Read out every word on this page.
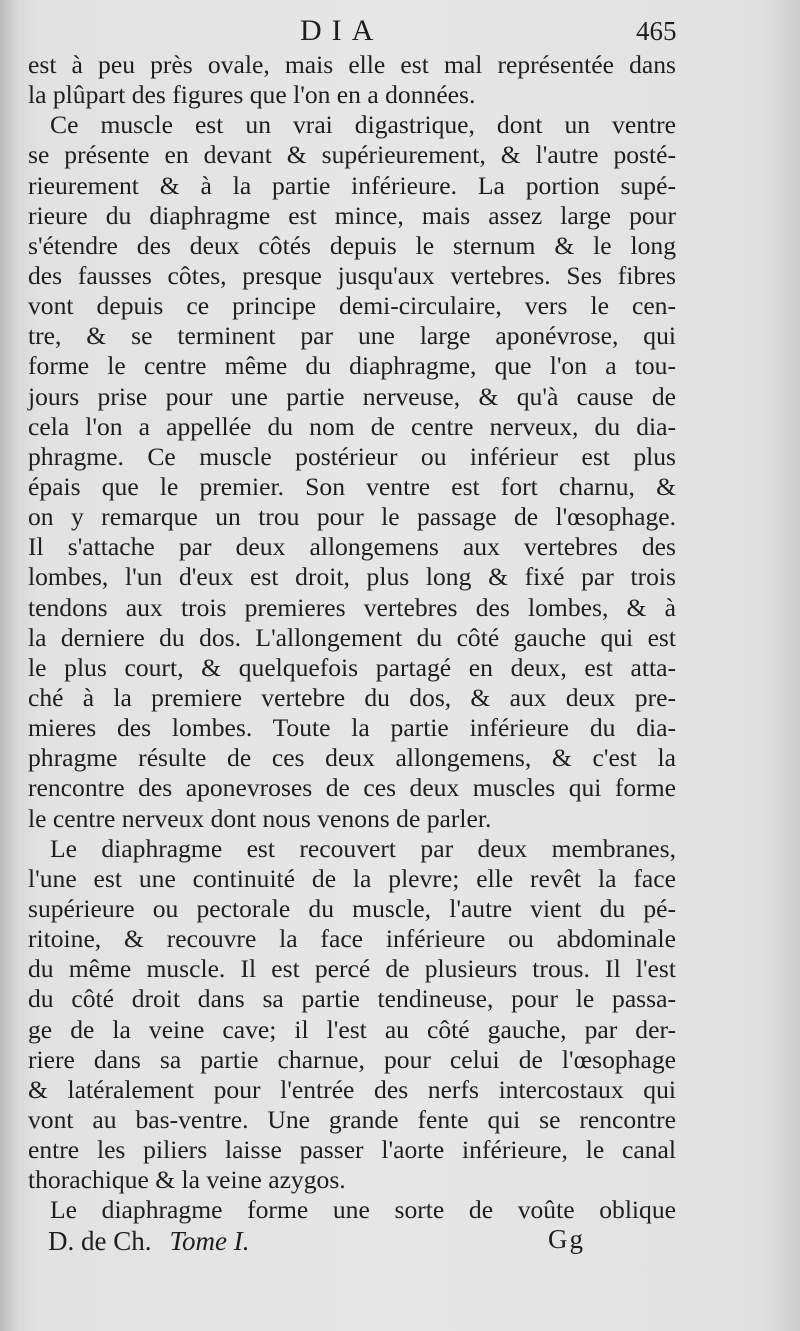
DIA	465
est à peu près ovale, mais elle est mal représentée dans
la plûpart des figures que l'on en a données.
Ce muscle est un vrai digastrique, dont un ventre
se présente en devant & supérieurement, & l'autre posté-
rieurement & à la partie inférieure. La portion supé-
rieure du diaphragme est mince, mais assez large pour
s'étendre des deux côtés depuis le sternum & le long
des fausses côtes, presque jusqu'aux vertebres. Ses fibres
vont depuis ce principe demi-circulaire, vers le cen-
tre, & se terminent par une large aponévrose, qui
forme le centre même du diaphragme, que l'on a tou-
jours prise pour une partie nerveuse, & qu'à cause de
cela l'on a appellée du nom de centre nerveux, du dia-
phragme. Ce muscle postérieur ou inférieur est plus
épais que le premier. Son ventre est fort charnu, &
on y remarque un trou pour le passage de l'œsophage.
Il s'attache par deux allongemens aux vertebres des
lombes, l'un d'eux est droit, plus long & fixé par trois
tendons aux trois premieres vertebres des lombes, & à
la derniere du dos. L'allongement du côté gauche qui est
le plus court, & quelquefois partagé en deux, est atta-
ché à la premiere vertebre du dos, & aux deux pre-
mieres des lombes. Toute la partie inférieure du dia-
phragme résulte de ces deux allongemens, & c'est la
rencontre des aponevroses de ces deux muscles qui forme
le centre nerveux dont nous venons de parler.
Le diaphragme est recouvert par deux membranes,
l'une est une continuité de la plevre; elle revêt la face
supérieure ou pectorale du muscle, l'autre vient du pé-
ritoine, & recouvre la face inférieure ou abdominale
du même muscle. Il est percé de plusieurs trous. Il l'est
du côté droit dans sa partie tendineuse, pour le passa-
ge de la veine cave; il l'est au côté gauche, par der-
riere dans sa partie charnue, pour celui de l'œsophage
& latéralement pour l'entrée des nerfs intercostaux qui
vont au bas-ventre. Une grande fente qui se rencontre
entre les piliers laisse passer l'aorte inférieure, le canal
thorachique & la veine azygos.
Le diaphragme forme une sorte de voûte oblique
D. de Ch. Tome I.	Gg
